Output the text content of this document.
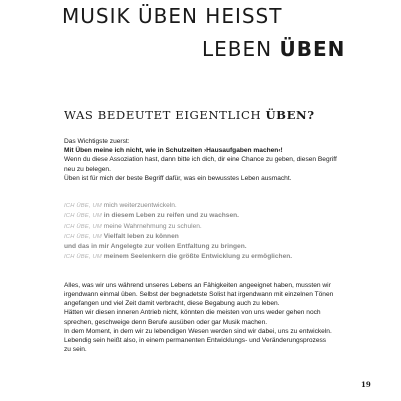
MUSIK ÜBEN HEISST
LEBEN ÜBEN
WAS BEDEUTET EIGENTLICH ÜBEN?
Das Wichtigste zuerst:
Mit Üben meine ich nicht, wie in Schulzeiten ›Hausaufgaben machen‹!
Wenn du diese Assoziation hast, dann bitte ich dich, dir eine Chance zu geben, diesen Begriff
neu zu belegen.
Üben ist für mich der beste Begriff dafür, was ein bewusstes Leben ausmacht.
ICH ÜBE, UM mich weiterzuentwickeln.
ICH ÜBE, UM in diesem Leben zu reifen und zu wachsen.
ICH ÜBE, UM meine Wahrnehmung zu schulen.
ICH ÜBE, UM Vielfalt leben zu können
und das in mir Angelegte zur vollen Entfaltung zu bringen.
ICH ÜBE, UM meinem Seelenkern die größte Entwicklung zu ermöglichen.
Alles, was wir uns während unseres Lebens an Fähigkeiten angeeignet haben, mussten wir
irgendwann einmal üben. Selbst der begnadetste Solist hat irgendwann mit einzelnen Tönen
angefangen und viel Zeit damit verbracht, diese Begabung auch zu leben.
Hätten wir diesen inneren Antrieb nicht, könnten die meisten von uns weder gehen noch
sprechen, geschweige denn Berufe ausüben oder gar Musik machen.
In dem Moment, in dem wir zu lebendigen Wesen werden sind wir dabei, uns zu entwickeln.
Lebendig sein heißt also, in einem permanenten Entwicklungs- und Veränderungsprozess
zu sein.
19
